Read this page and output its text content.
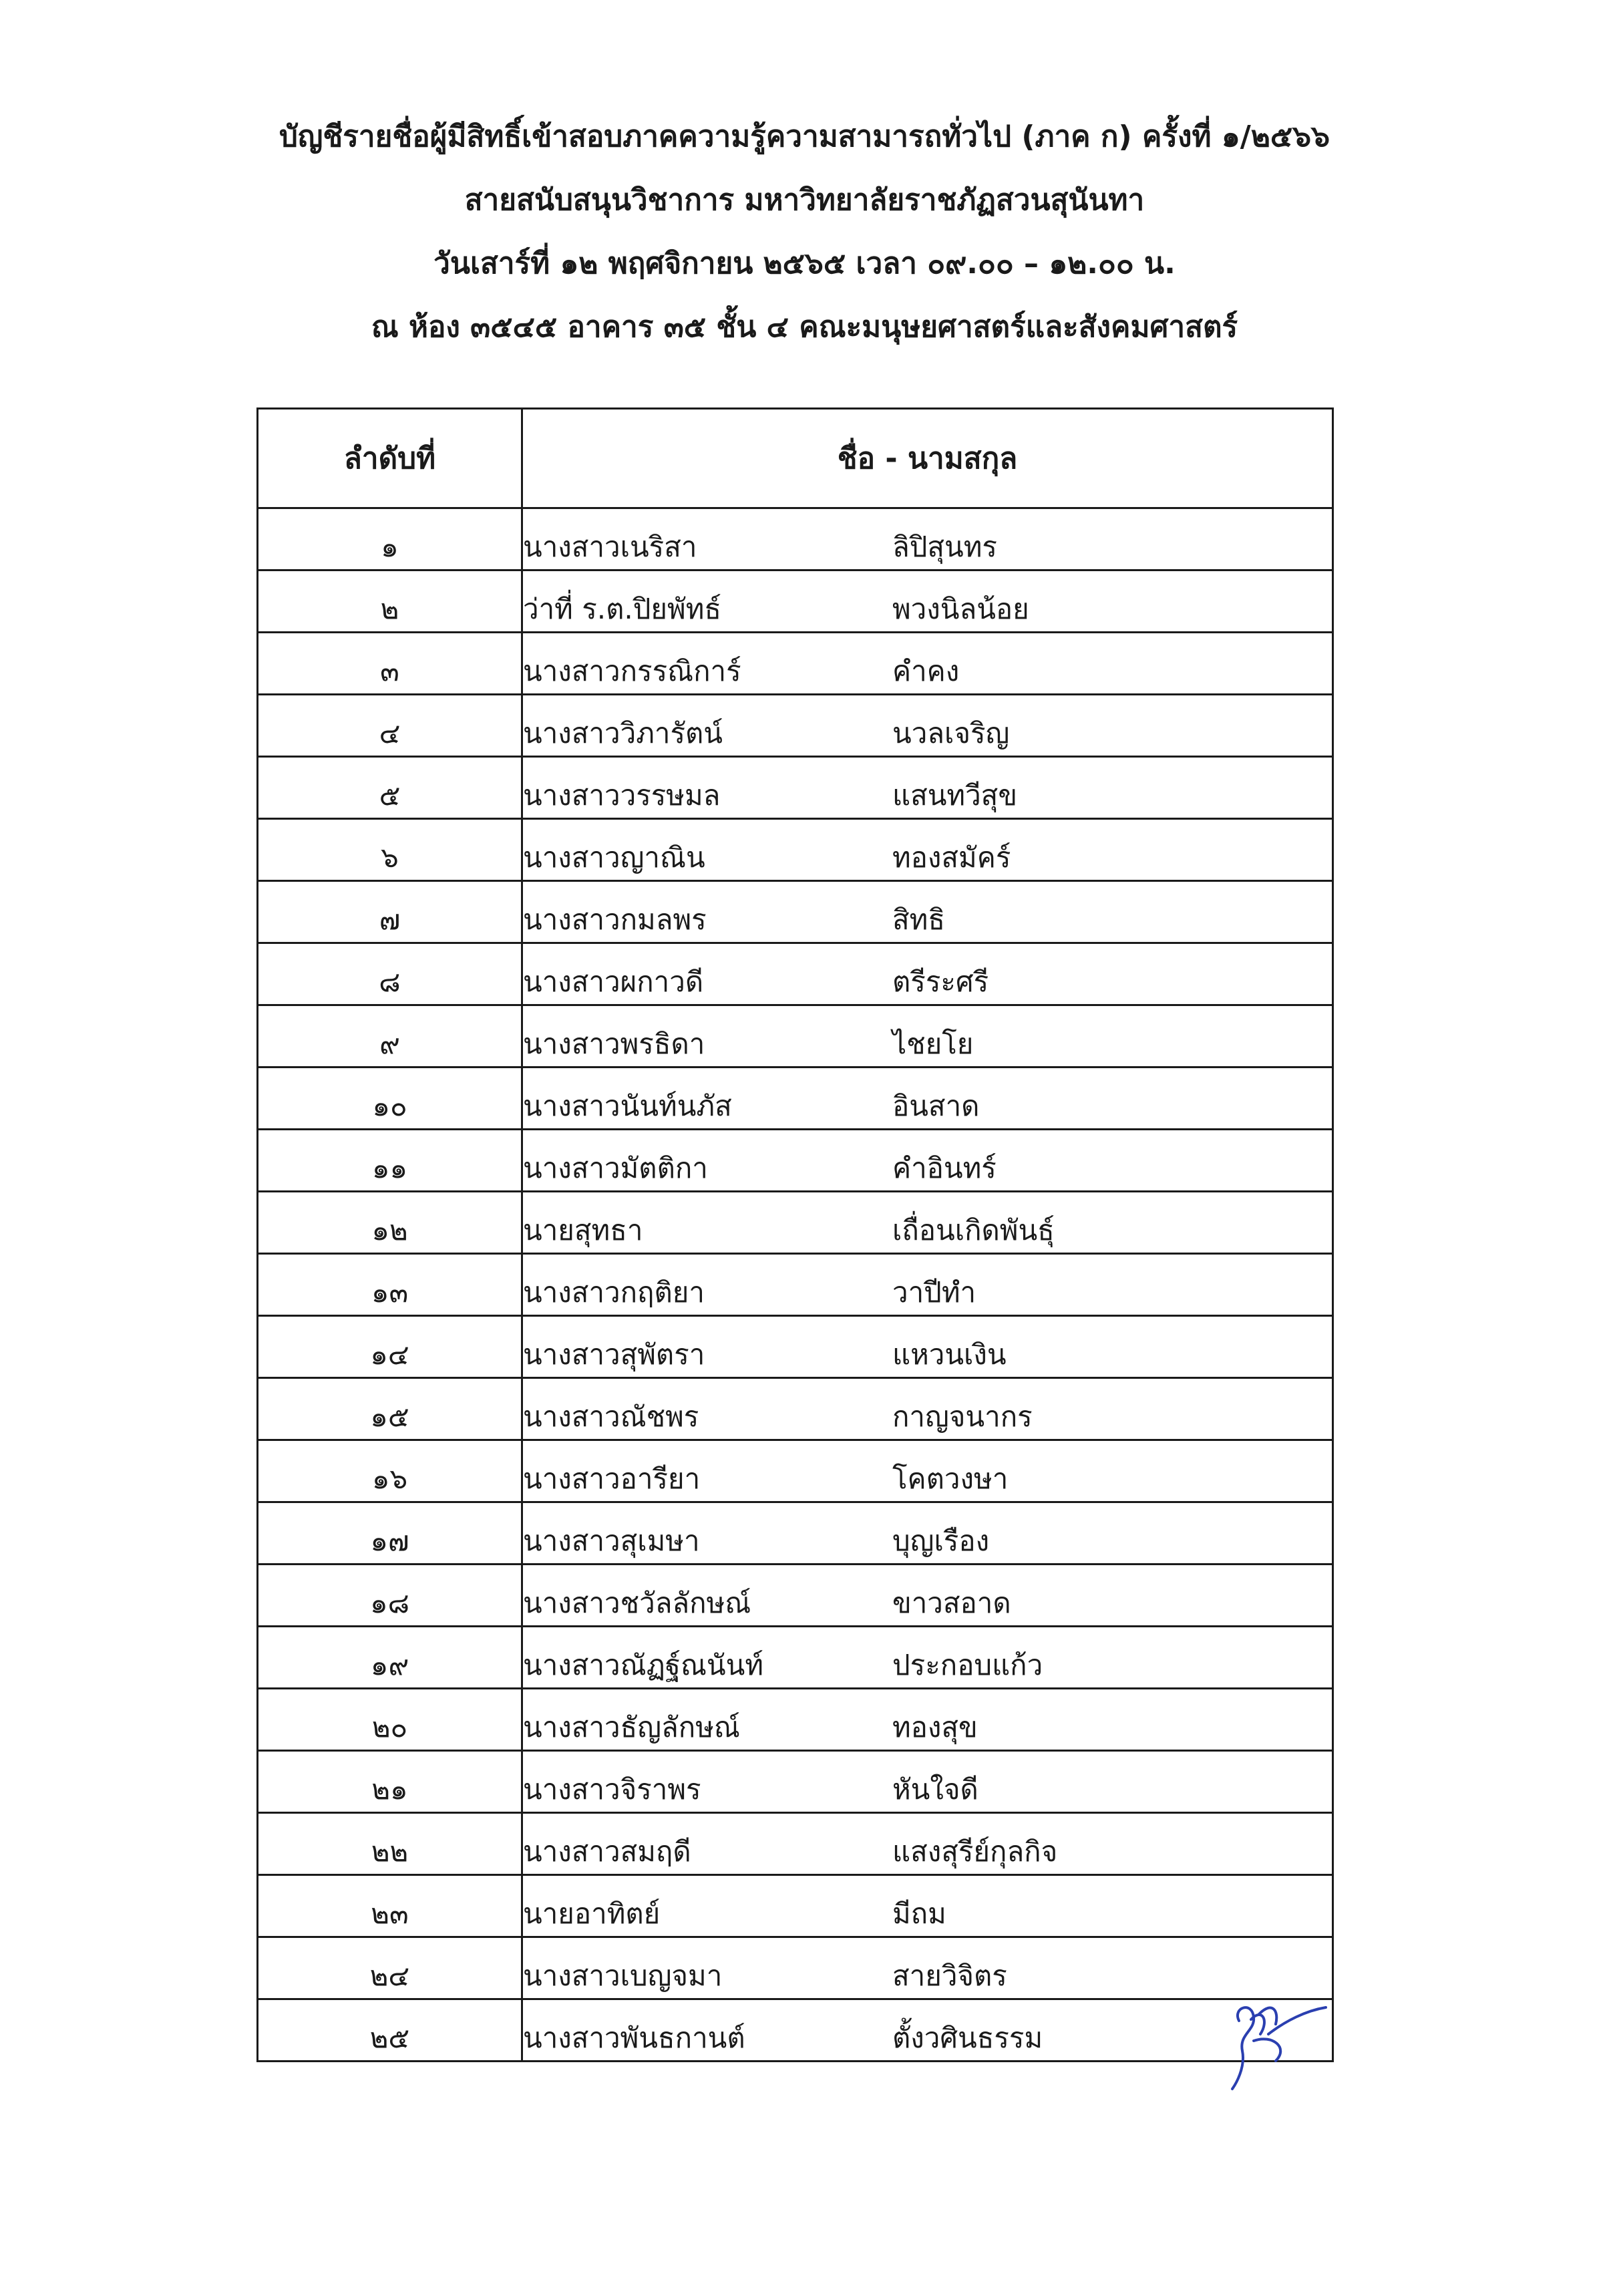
บัญชีรายชื่อผู้มีสิทธิ์เข้าสอบภาคความรู้ความสามารถทั่วไป (ภาค ก) ครั้งที่ ๑/๒๕๖๖
สายสนับสนุนวิชาการ มหาวิทยาลัยราชภัฏสวนสุนันทา
วันเสาร์ที่ ๑๒ พฤศจิกายน ๒๕๖๕ เวลา ๐๙.๐๐ – ๑๒.๐๐ น.
ณ ห้อง ๓๕๔๕ อาคาร ๓๕ ชั้น ๔ คณะมนุษยศาสตร์และสังคมศาสตร์
ลำดับที่	ชื่อ - นามสกุล
๑	นางสาวเนริสา ลิปิสุนทร
๒	ว่าที่ ร.ต.ปิยพัทธ์ พวงนิลน้อย
๓	นางสาวกรรณิการ์ คำคง
๔	นางสาววิภารัตน์ นวลเจริญ
๕	นางสาววรรษมล แสนทวีสุข
๖	นางสาวญาณิน ทองสมัคร์
๗	นางสาวกมลพร สิทธิ
๘	นางสาวผกาวดี ตรีระศรี
๙	นางสาวพรธิดา ไชยโย
๑๐	นางสาวนันท์นภัส อินสาด
๑๑	นางสาวมัตติกา คำอินทร์
๑๒	นายสุทธา เถื่อนเกิดพันธุ์
๑๓	นางสาวกฤติยา วาปีทำ
๑๔	นางสาวสุพัตรา แหวนเงิน
๑๕	นางสาวณัชพร กาญจนากร
๑๖	นางสาวอารียา โคตวงษา
๑๗	นางสาวสุเมษา บุญเรือง
๑๘	นางสาวชวัลลักษณ์ ขาวสอาด
๑๙	นางสาวณัฏฐ์ณนันท์ ประกอบแก้ว
๒๐	นางสาวธัญลักษณ์ ทองสุข
๒๑	นางสาวจิราพร หันใจดี
๒๒	นางสาวสมฤดี แสงสุรีย์กุลกิจ
๒๓	นายอาทิตย์ มีถม
๒๔	นางสาวเบญจมา สายวิจิตร
๒๕	นางสาวพันธกานต์ ตั้งวศินธรรม
